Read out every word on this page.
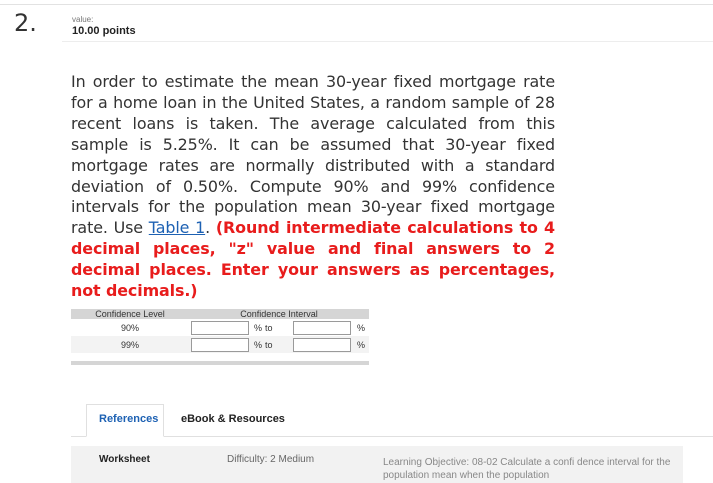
2.	value:
10.00 points
In order to estimate the mean 30-year fixed mortgage rate for a home loan in the United States, a random sample of 28 recent loans is taken. The average calculated from this sample is 5.25%. It can be assumed that 30-year fixed mortgage rates are normally distributed with a standard deviation of 0.50%. Compute 90% and 99% confidence intervals for the population mean 30-year fixed mortgage rate. Use Table 1. (Round intermediate calculations to 4 decimal places, "z" value and final answers to 2 decimal places. Enter your answers as percentages, not decimals.)
Confidence Level	Confidence Interval				
90%		%	to		%
99%		%	to		%
References eBook & Resources
Worksheet	Difficulty: 2 Medium	Learning Objective: 08-02 Calculate a confi dence interval for the population mean when the population
